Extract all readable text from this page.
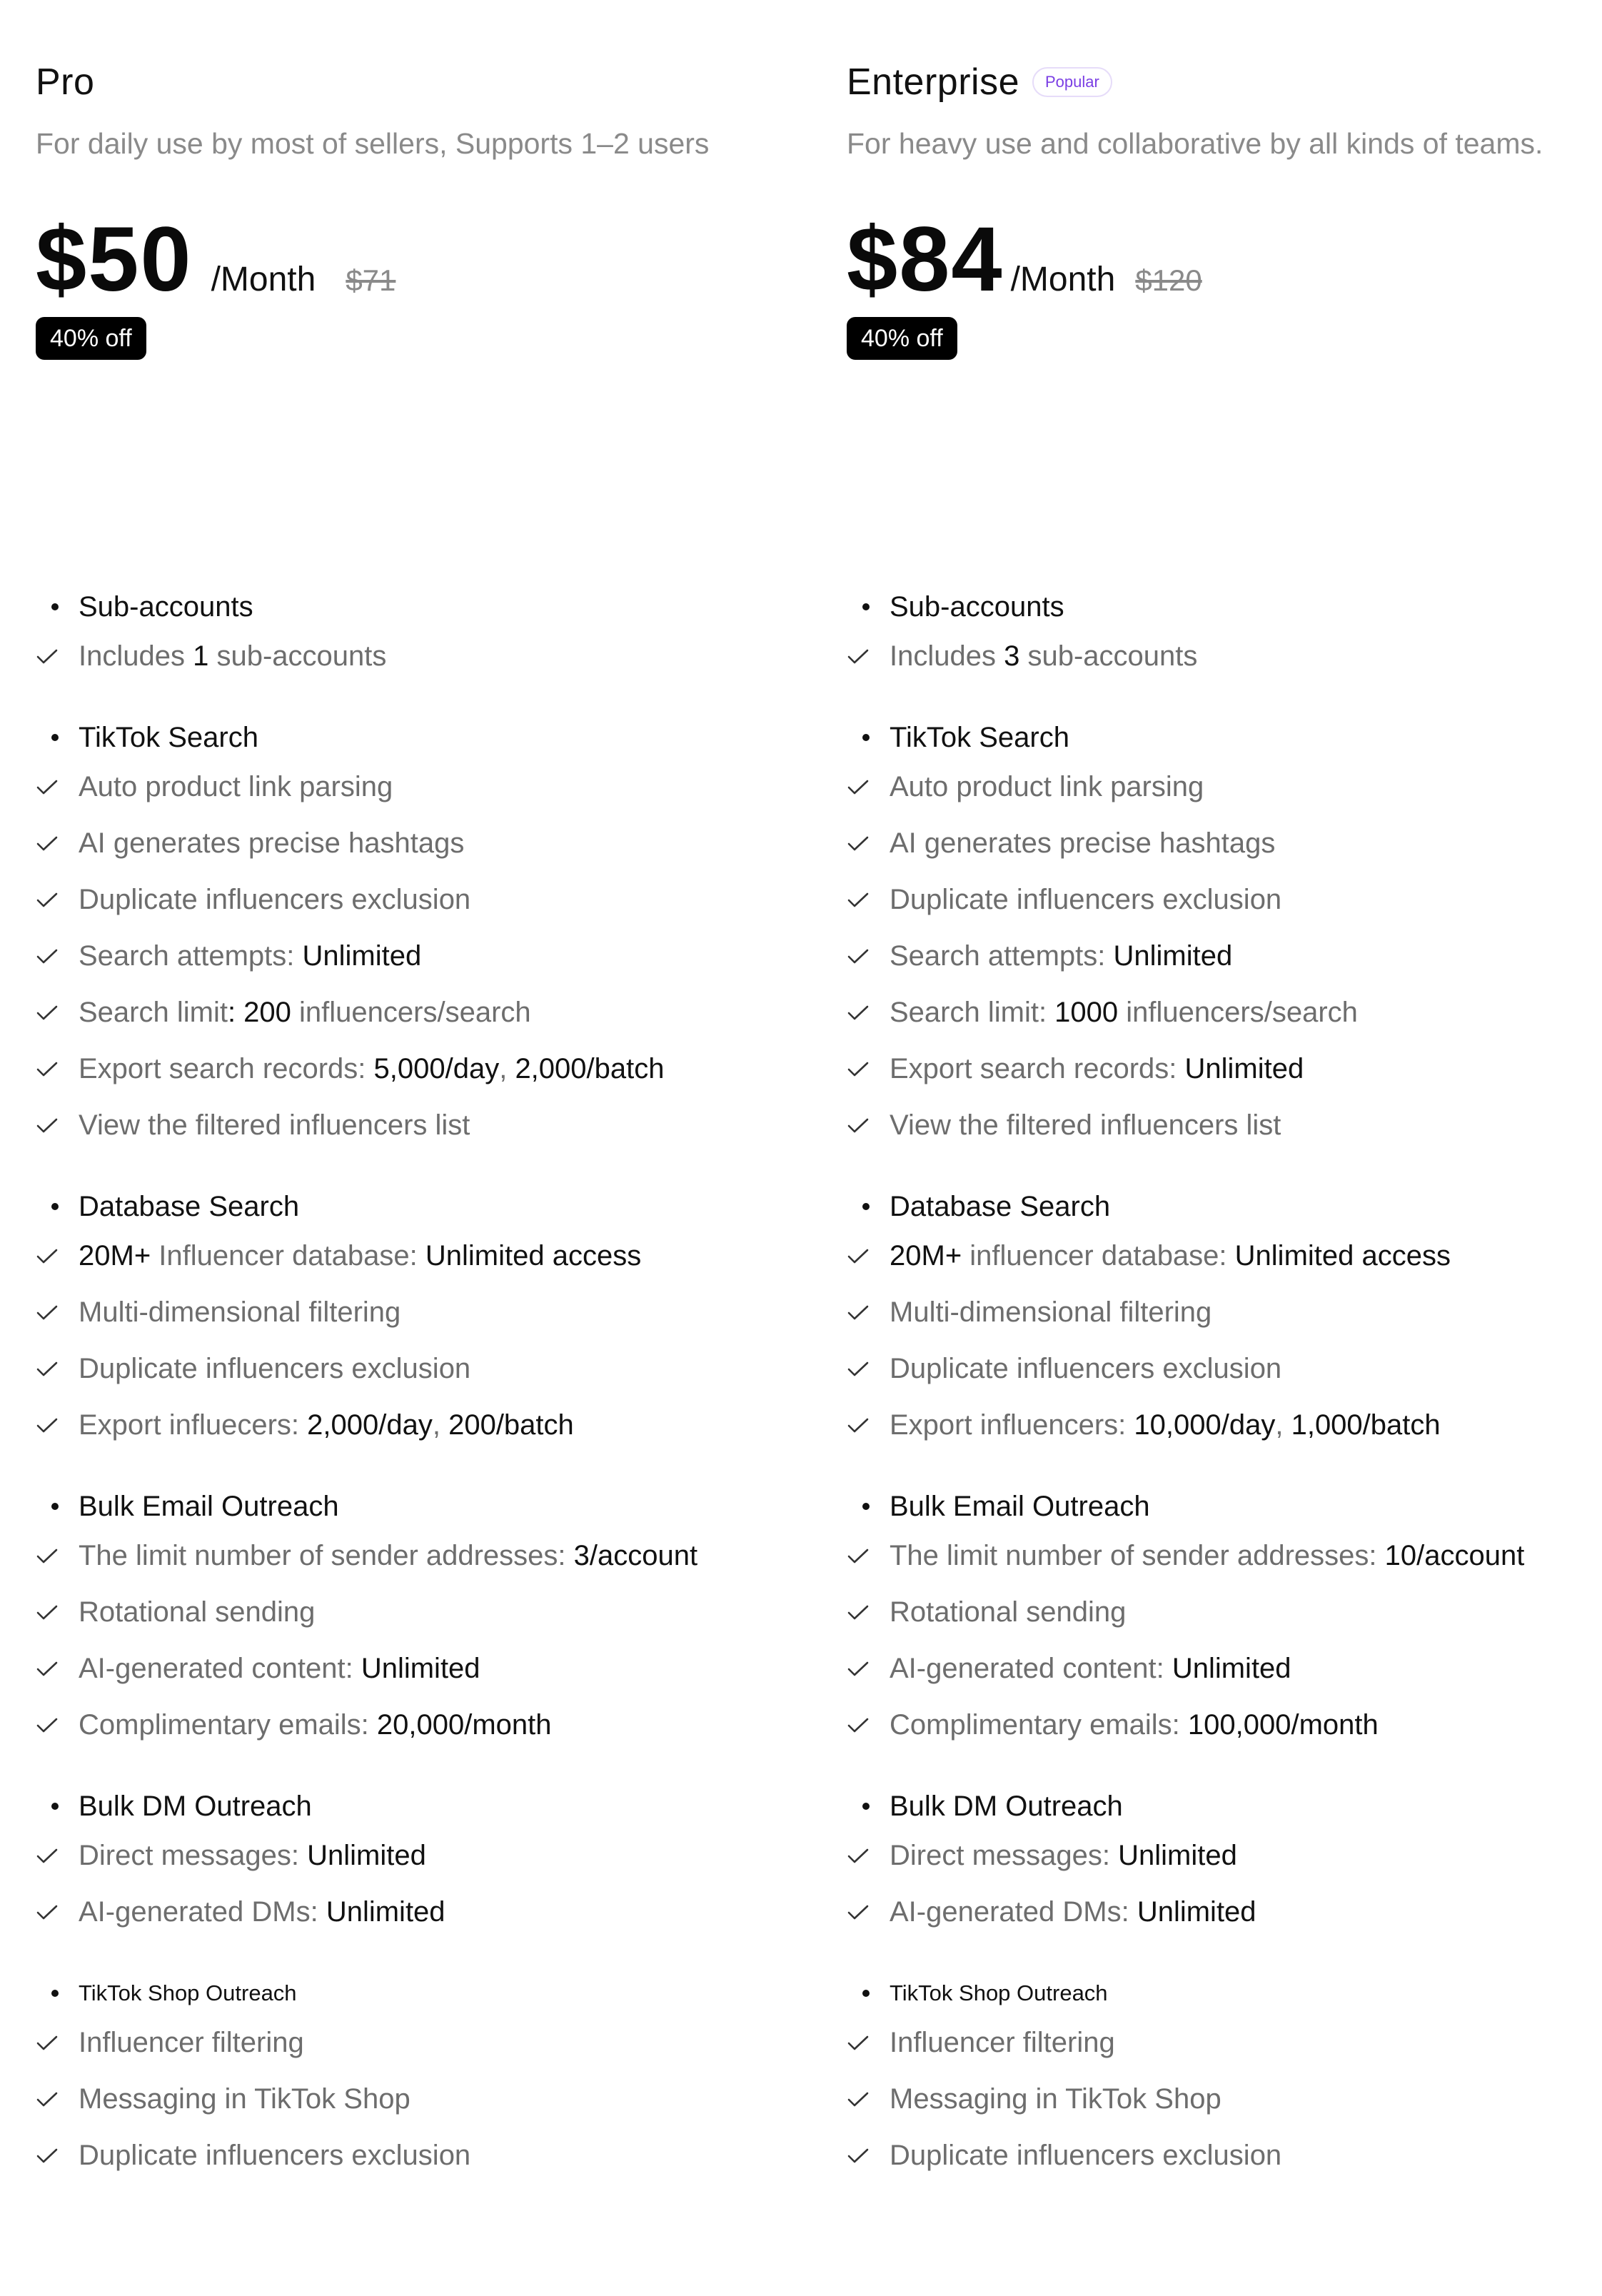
Pro
For daily use by most of sellers, Supports 1–2 users
$50 /Month $71
40% off
Enterprise	Popular
For heavy use and collaborative by all kinds of teams.
$84 /Month $120
40% off
Sub-accounts
Includes 1 sub-accounts
TikTok Search
Auto product link parsing
AI generates precise hashtags
Duplicate influencers exclusion
Search attempts: Unlimited
Search limit : 200 influencers/search
Export search records: 5,000/day , 2,000/batch
View the filtered influencers list
Database Search
20M+ Influencer database: Unlimited access
Multi-dimensional filtering
Duplicate influencers exclusion
Export influecers: 2,000/day , 200/batch
Bulk Email Outreach
The limit number of sender addresses: 3/account
Rotational sending
AI-generated content: Unlimited
Complimentary emails: 20,000/month
Bulk DM Outreach
Direct messages: Unlimited
AI-generated DMs: Unlimited
TikTok Shop Outreach
Influencer filtering
Messaging in TikTok Shop
Duplicate influencers exclusion
Sub-accounts
Includes 3 sub-accounts
TikTok Search
Auto product link parsing
AI generates precise hashtags
Duplicate influencers exclusion
Search attempts: Unlimited
Search limit: 1000 influencers/search
Export search records: Unlimited
View the filtered influencers list
Database Search
20M+ influencer database: Unlimited access
Multi-dimensional filtering
Duplicate influencers exclusion
Export influencers: 10,000/day , 1,000/batch
Bulk Email Outreach
The limit number of sender addresses: 10/account
Rotational sending
AI-generated content: Unlimited
Complimentary emails: 100,000/month
Bulk DM Outreach
Direct messages: Unlimited
AI-generated DMs: Unlimited
TikTok Shop Outreach
Influencer filtering
Messaging in TikTok Shop
Duplicate influencers exclusion
